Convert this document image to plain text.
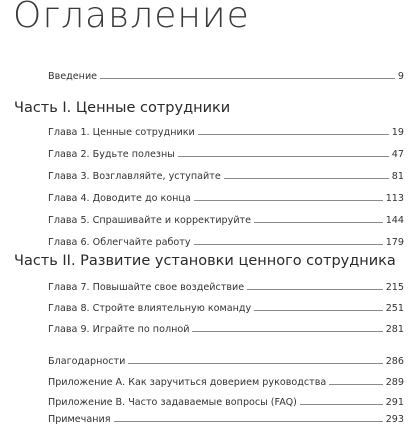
Оглавление
Введение	9
Часть I. Ценные сотрудники
Глава 1. Ценные сотрудники	19
Глава 2. Будьте полезны	47
Глава 3. Возглавляйте, уступайте	81
Глава 4. Доводите до конца	113
Глава 5. Спрашивайте и корректируйте	144
Глава 6. Облегчайте работу	179
Часть II. Развитие установки ценного сотрудника
Глава 7. Повышайте свое воздействие	215
Глава 8. Стройте влиятельную команду	251
Глава 9. Играйте по полной	281
Благодарности	286
Приложение А. Как заручиться доверием руководства	289
Приложение В. Часто задаваемые вопросы (FAQ)	291
Примечания	293
